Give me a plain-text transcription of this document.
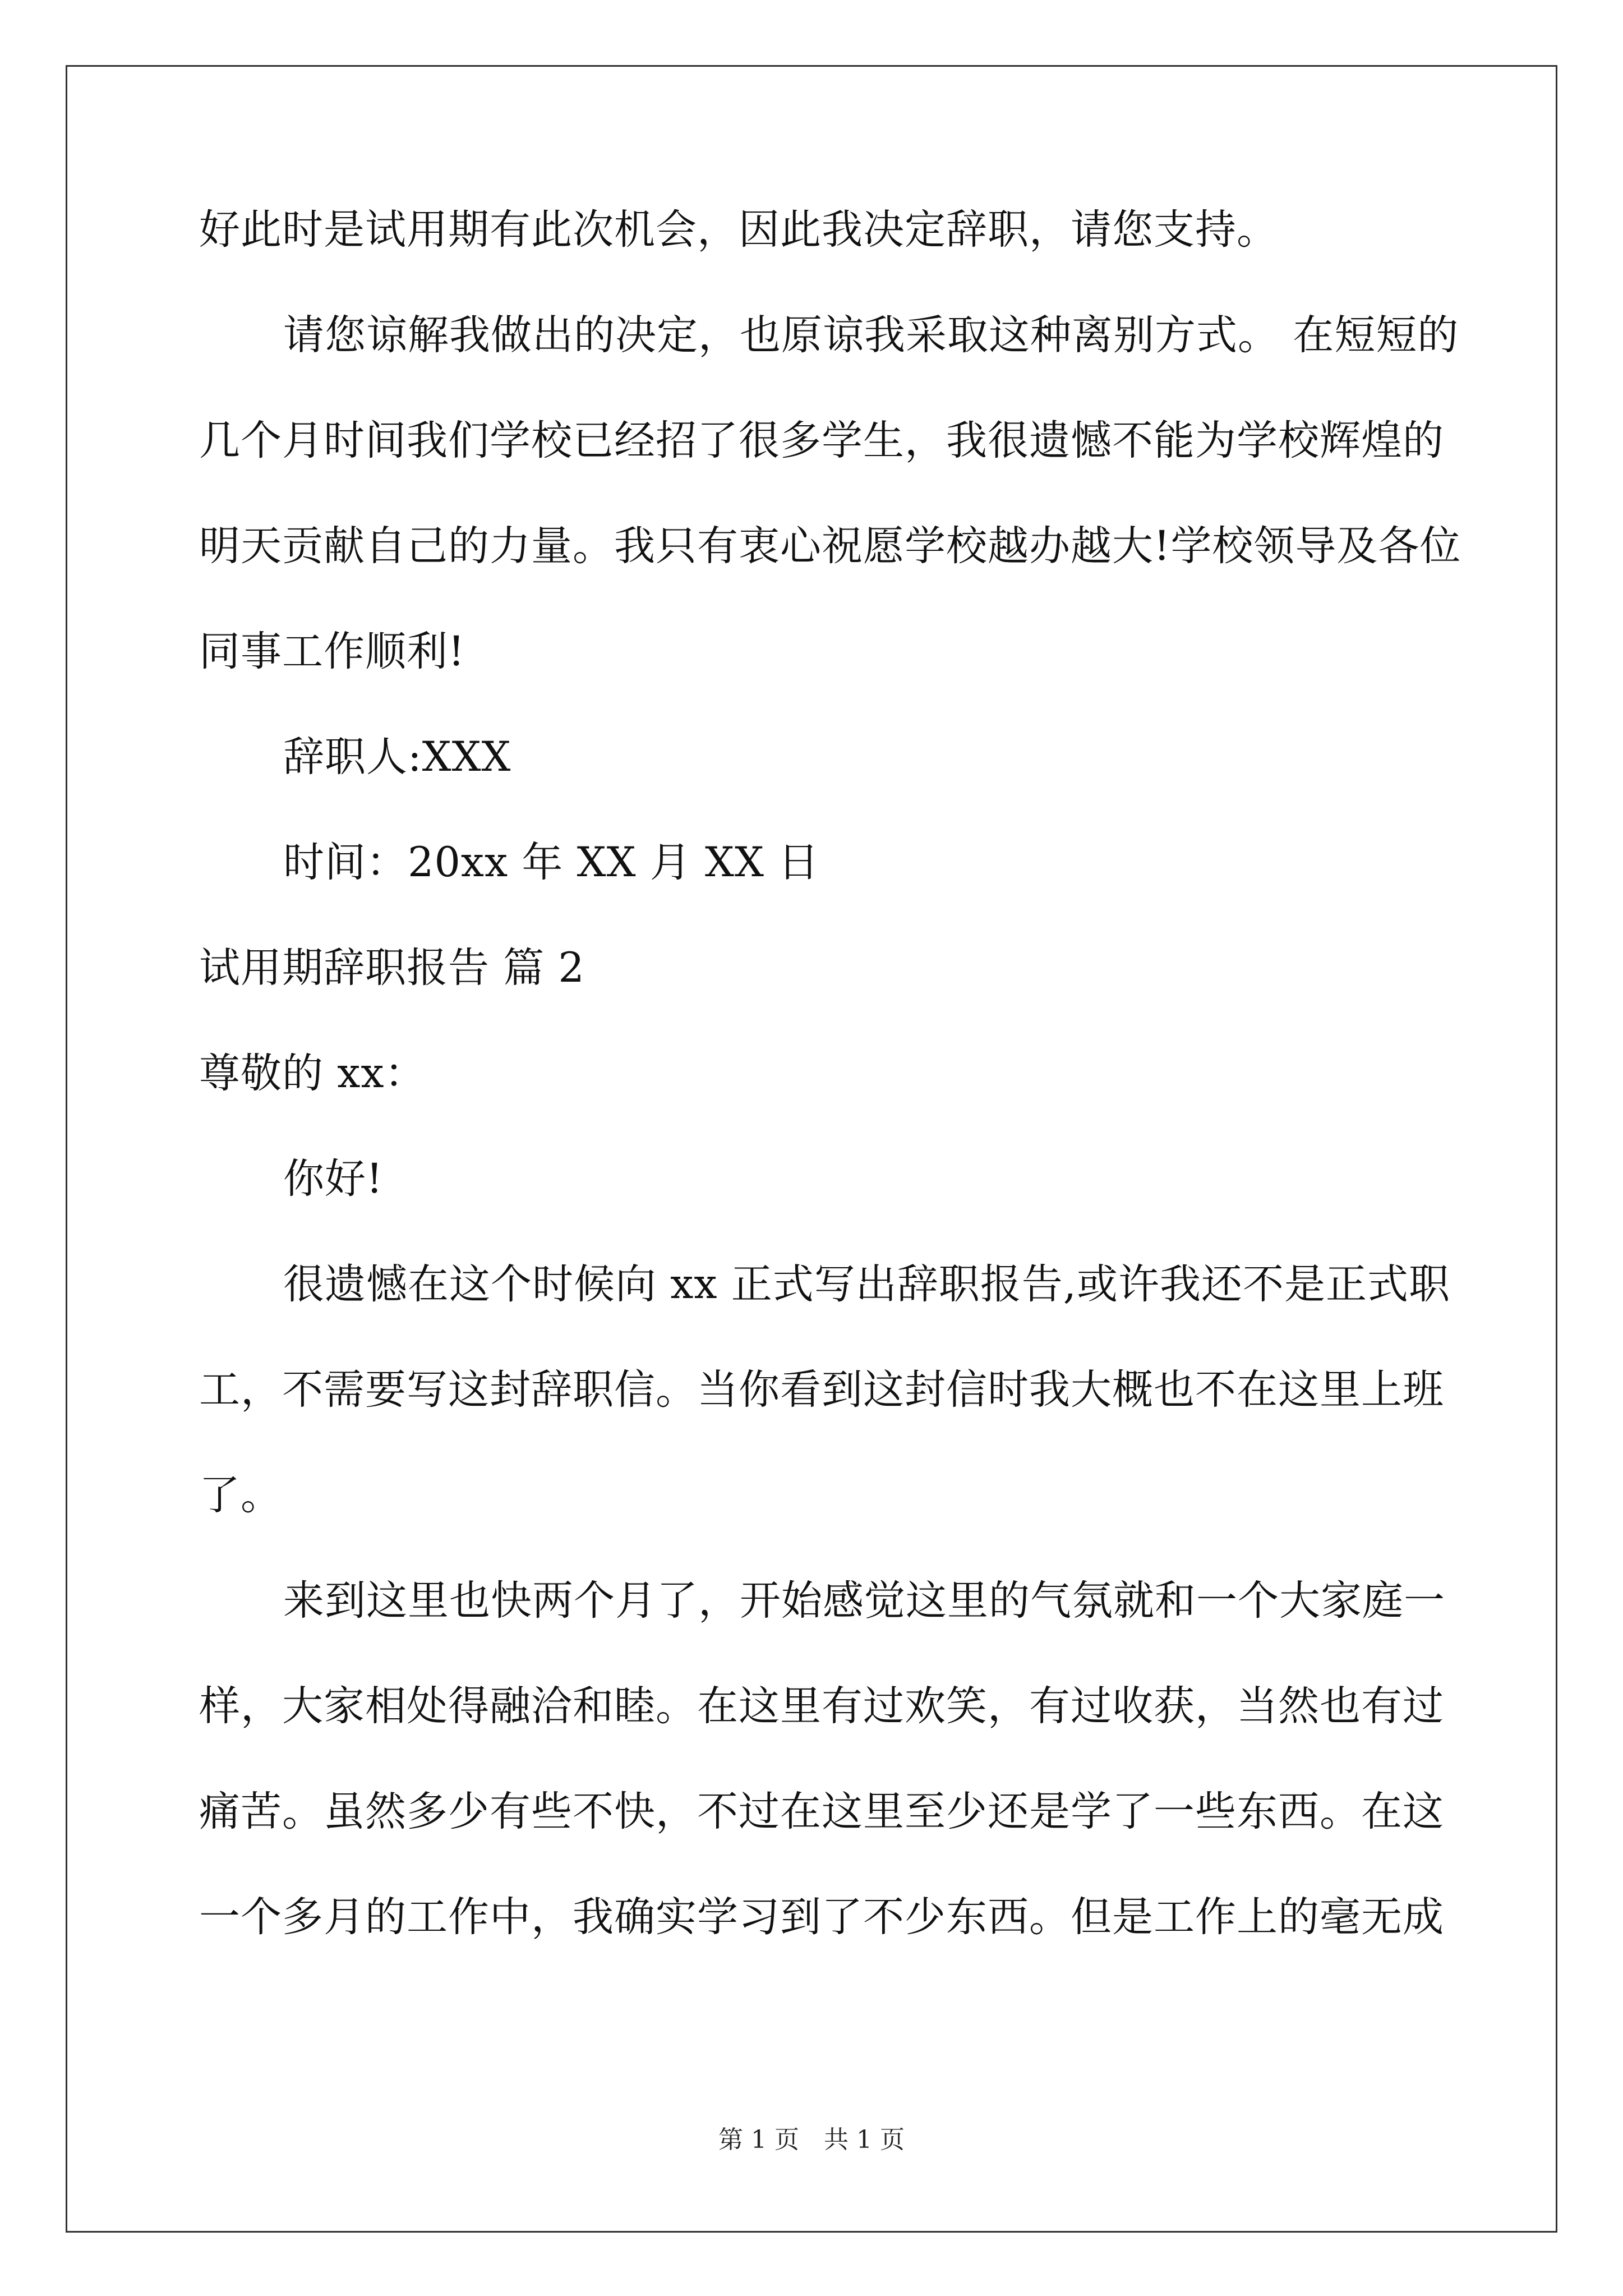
好此时是试用期有此次机会，因此我决定辞职，请您支持。
请您谅解我做出的决定，也原谅我采取这种离别方式。 在短短的
几个月时间我们学校已经招了很多学生，我很遗憾不能为学校辉煌的
明天贡献自己的力量。我只有衷心祝愿学校越办越大!学校领导及各位
同事工作顺利!
辞职人:XXX
时间：20xx 年 XX 月 XX 日
试用期辞职报告 篇 2
尊敬的 xx：
你好!
很遗憾在这个时候向 xx 正式写出辞职报告,或许我还不是正式职
工，不需要写这封辞职信。当你看到这封信时我大概也不在这里上班
了。
来到这里也快两个月了，开始感觉这里的气氛就和一个大家庭一
样，大家相处得融洽和睦。在这里有过欢笑，有过收获，当然也有过
痛苦。虽然多少有些不快，不过在这里至少还是学了一些东西。在这
一个多月的工作中，我确实学习到了不少东西。但是工作上的毫无成
第 1 页　共 1 页
